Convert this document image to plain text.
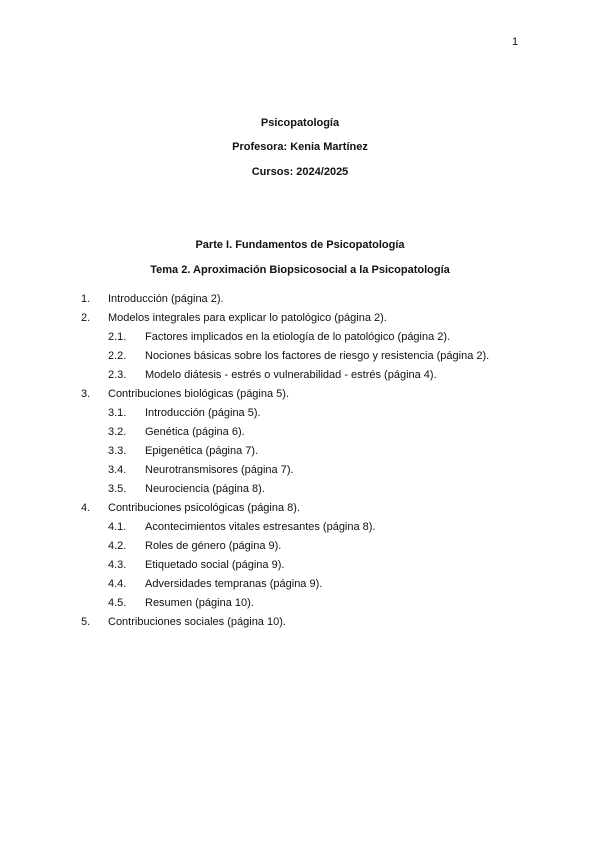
1
Psicopatología
Profesora: Kenia Martínez
Cursos: 2024/2025
Parte I. Fundamentos de Psicopatología
Tema 2. Aproximación Biopsicosocial a la Psicopatología
1. Introducción (página 2).
2. Modelos integrales para explicar lo patológico (página 2).
2.1. Factores implicados en la etiología de lo patológico (página 2).
2.2. Nociones básicas sobre los factores de riesgo y resistencia (página 2).
2.3. Modelo diátesis - estrés o vulnerabilidad - estrés (página 4).
3. Contribuciones biológicas (página 5).
3.1. Introducción (página 5).
3.2. Genética (página 6).
3.3. Epigenética (página 7).
3.4. Neurotransmisores (página 7).
3.5. Neurociencia (página 8).
4. Contribuciones psicológicas (página 8).
4.1. Acontecimientos vitales estresantes (página 8).
4.2. Roles de género (página 9).
4.3. Etiquetado social (página 9).
4.4. Adversidades tempranas (página 9).
4.5. Resumen (página 10).
5. Contribuciones sociales (página 10).
